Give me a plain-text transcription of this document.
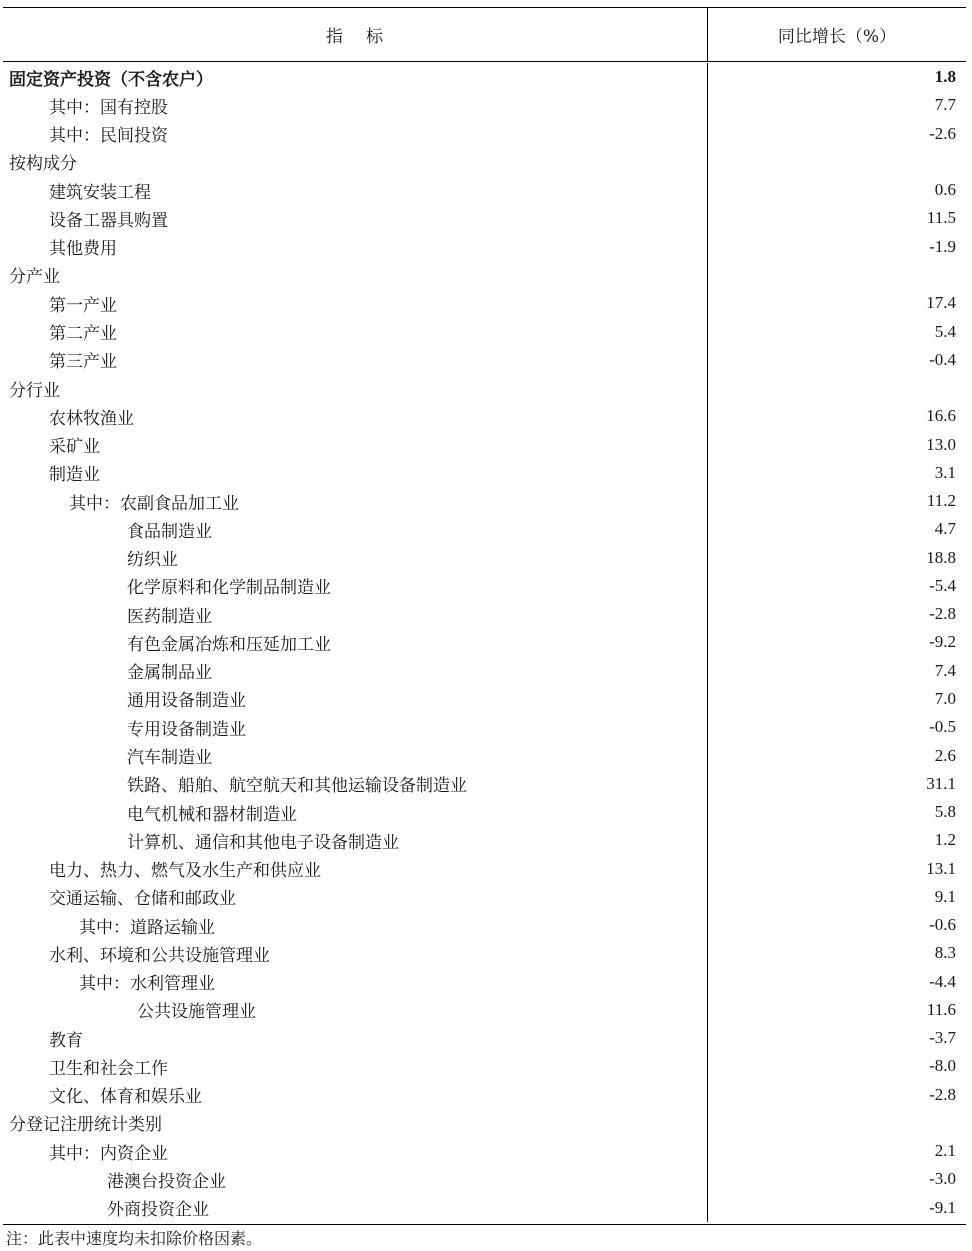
指 标	同比增长（%）
固定资产投资（不含农户）	1.8
其中：国有控股	7.7
其中：民间投资	-2.6
按构成分
建筑安装工程	0.6
设备工器具购置	11.5
其他费用	-1.9
分产业
第一产业	17.4
第二产业	5.4
第三产业	-0.4
分行业
农林牧渔业	16.6
采矿业	13.0
制造业	3.1
其中：农副食品加工业	11.2
食品制造业	4.7
纺织业	18.8
化学原料和化学制品制造业	-5.4
医药制造业	-2.8
有色金属冶炼和压延加工业	-9.2
金属制品业	7.4
通用设备制造业	7.0
专用设备制造业	-0.5
汽车制造业	2.6
铁路、船舶、航空航天和其他运输设备制造业	31.1
电气机械和器材制造业	5.8
计算机、通信和其他电子设备制造业	1.2
电力、热力、燃气及水生产和供应业	13.1
交通运输、仓储和邮政业	9.1
其中：道路运输业	-0.6
水利、环境和公共设施管理业	8.3
其中：水利管理业	-4.4
公共设施管理业	11.6
教育	-3.7
卫生和社会工作	-8.0
文化、体育和娱乐业	-2.8
分登记注册统计类别
其中：内资企业	2.1
港澳台投资企业	-3.0
外商投资企业	-9.1
注：此表中速度均未扣除价格因素。
